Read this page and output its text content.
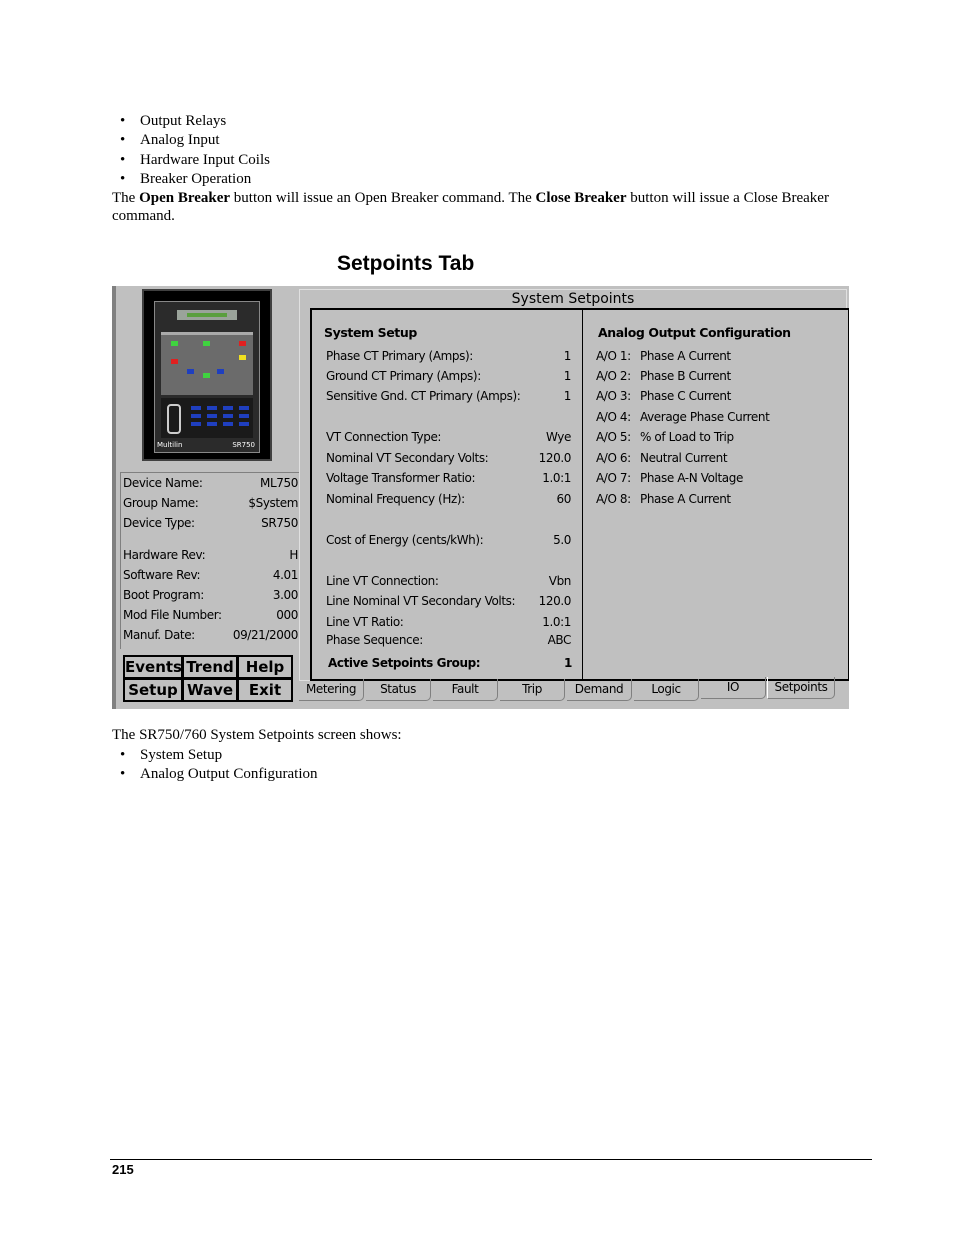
• Output Relays
• Analog Input
• Hardware Input Coils
• Breaker Operation

The Open Breaker button will issue an Open Breaker command. The Close Breaker button will issue a Close Breaker command.

Setpoints Tab
Multilin	SR750
Device Name:	ML750
Group Name:	$System
Device Type:	SR750
Hardware Rev:	H
Software Rev:	4.01
Boot Program:	3.00
Mod File Number:	000
Manuf. Date:	09/21/2000
Events Trend Help
Setup Wave	Exit
System Setpoints
System Setup
Phase CT Primary (Amps):	1
Ground CT Primary (Amps):	1
Sensitive Gnd. CT Primary (Amps):	1
VT Connection Type:	Wye
Nominal VT Secondary Volts:	120.0
Voltage Transformer Ratio:	1.0:1
Nominal Frequency (Hz):	60
Cost of Energy (cents/kWh):	5.0
Line VT Connection:	Vbn
Line Nominal VT Secondary Volts: 120.0
Line VT Ratio:	1.0:1
Phase Sequence:	ABC
Active Setpoints Group:	1
Analog Output Configuration
A/O 1: Phase A Current
A/O 2: Phase B Current
A/O 3: Phase C Current
A/O 4: Average Phase Current
A/O 5: % of Load to Trip
A/O 6: Neutral Current
A/O 7: Phase A-N Voltage
A/O 8: Phase A Current
Metering	Status	Fault	Trip	Demand	Logic	IO	Setpoints

The SR750/760 System Setpoints screen shows:

• System Setup
• Analog Output Configuration
215
